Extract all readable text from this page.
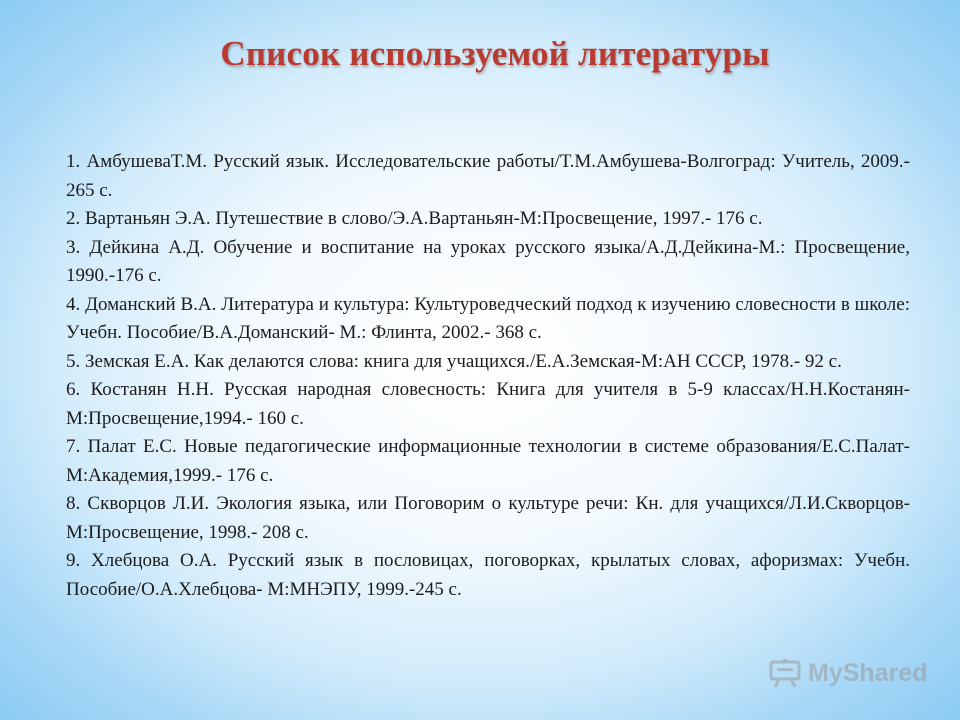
Список используемой литературы
1. АмбушеваТ.М. Русский язык. Исследовательские работы/Т.М.Амбушева-Волгоград: Учитель, 2009.- 265 с.
2. Вартаньян Э.А. Путешествие в слово/Э.А.Вартаньян-М:Просвещение, 1997.- 176 с.
3. Дейкина А.Д. Обучение и воспитание на уроках русского языка/А.Д.Дейкина-М.: Просвещение, 1990.-176 с.
4. Доманский В.А. Литература и культура: Культуроведческий подход к изучению словесности в школе: Учебн. Пособие/В.А.Доманский- М.: Флинта, 2002.- 368 с.
5. Земская Е.А. Как делаются слова: книга для учащихся./Е.А.Земская-М:АН СССР, 1978.- 92 с.
6. Костанян Н.Н. Русская народная словесность: Книга для учителя в 5-9 классах/Н.Н.Костанян- М:Просвещение,1994.- 160 с.
7. Палат Е.С. Новые педагогические информационные технологии в системе образования/Е.С.Палат-М:Академия,1999.- 176 с.
8. Скворцов Л.И. Экология языка, или Поговорим о культуре речи: Кн. для учащихся/Л.И.Скворцов- М:Просвещение, 1998.- 208 с.
9. Хлебцова О.А. Русский язык в пословицах, поговорках, крылатых словах, афоризмах: Учебн. Пособие/О.А.Хлебцова- М:МНЭПУ, 1999.-245 с.
MyShared
